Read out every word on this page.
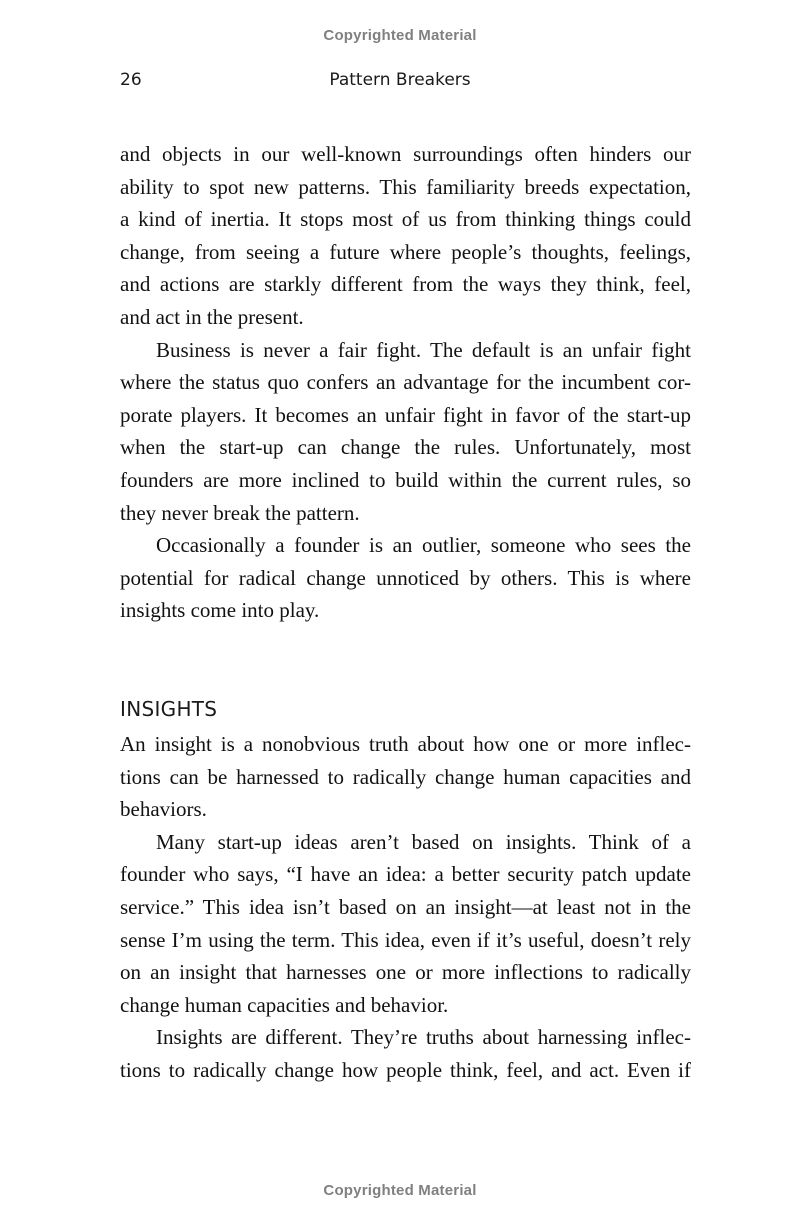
Copyrighted Material
26	Pattern Breakers
and objects in our well-known surroundings often hinders our
ability to spot new patterns. This familiarity breeds expectation,
a kind of inertia. It stops most of us from thinking things could
change, from seeing a future where people’s thoughts, feelings,
and actions are starkly different from the ways they think, feel,
and act in the present.
Business is never a fair fight. The default is an unfair fight
where the status quo confers an advantage for the incumbent cor-
porate players. It becomes an unfair fight in favor of the start-up
when the start-up can change the rules. Unfortunately, most
founders are more inclined to build within the current rules, so
they never break the pattern.
Occasionally a founder is an outlier, someone who sees the
potential for radical change unnoticed by others. This is where
insights come into play.
INSIGHTS
An insight is a nonobvious truth about how one or more inflec-
tions can be harnessed to radically change human capacities and
behaviors.
Many start-up ideas aren’t based on insights. Think of a
founder who says, “I have an idea: a better security patch update
service.” This idea isn’t based on an insight—at least not in the
sense I’m using the term. This idea, even if it’s useful, doesn’t rely
on an insight that harnesses one or more inflections to radically
change human capacities and behavior.
Insights are different. They’re truths about harnessing inflec-
tions to radically change how people think, feel, and act. Even if
Copyrighted Material
